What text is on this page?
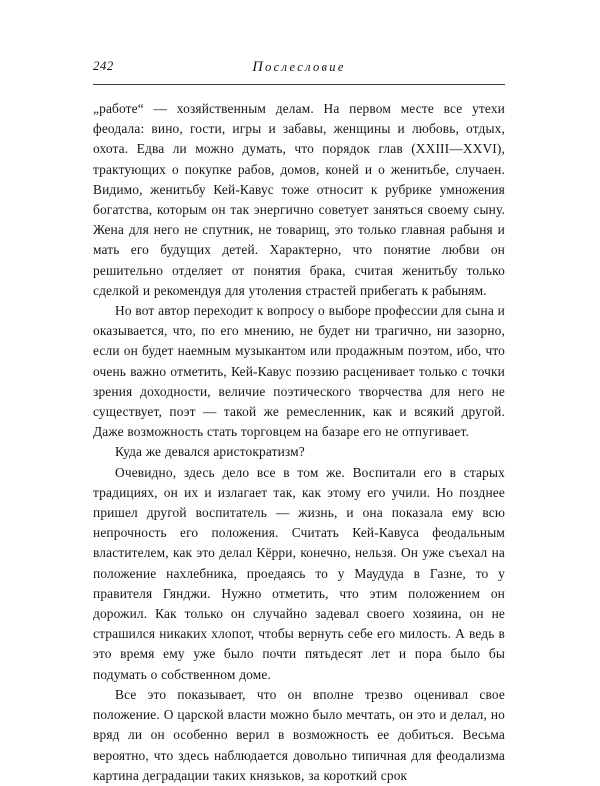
242	Послесловие

„работе“ — хозяйственным делам. На первом месте все утехи феодала: вино, гости, игры и забавы, женщины и любовь, отдых, охота. Едва ли можно думать, что порядок глав (XXIII—XXVI), трактующих о покупке рабов, домов, коней и о женитьбе, случаен. Видимо, женитьбу Кей-Кавус тоже относит к рубрике умножения богатства, которым он так энергично советует заняться своему сыну. Жена для него не спутник, не товарищ, это только главная рабыня и мать его будущих детей. Характерно, что понятие любви он решительно отделяет от понятия брака, считая женитьбу только сделкой и рекомендуя для утоления страстей прибегать к рабыням.

Но вот автор переходит к вопросу о выборе профессии для сына и оказывается, что, по его мнению, не будет ни трагично, ни зазорно, если он будет наемным музыкантом или продажным поэтом, ибо, что очень важно отметить, Кей-Кавус поэзию расценивает только с точки зрения доходности, величие поэтического творчества для него не существует, поэт — такой же ремесленник, как и всякий другой. Даже возможность стать торговцем на базаре его не отпугивает.

Куда же девался аристократизм?

Очевидно, здесь дело все в том же. Воспитали его в старых традициях, он их и излагает так, как этому его учили. Но позднее пришел другой воспитатель — жизнь, и она показала ему всю непрочность его положения. Считать Кей-Кавуса феодальным властителем, как это делал Кёрри, конечно, нельзя. Он уже съехал на положение нахлебника, проедаясь то у Маудуда в Газне, то у правителя Гянджи. Нужно отметить, что этим положением он дорожил. Как только он случайно задевал своего хозяина, он не страшился никаких хлопот, чтобы вернуть себе его милость. А ведь в это время ему уже было почти пятьдесят лет и пора было бы подумать о собственном доме.

Все это показывает, что он вполне трезво оценивал свое положение. О царской власти можно было мечтать, он это и делал, но вряд ли он особенно верил в возможность ее добиться. Весьма вероятно, что здесь наблюдается довольно типичная для феодализма картина деградации таких князьков, за короткий срок
